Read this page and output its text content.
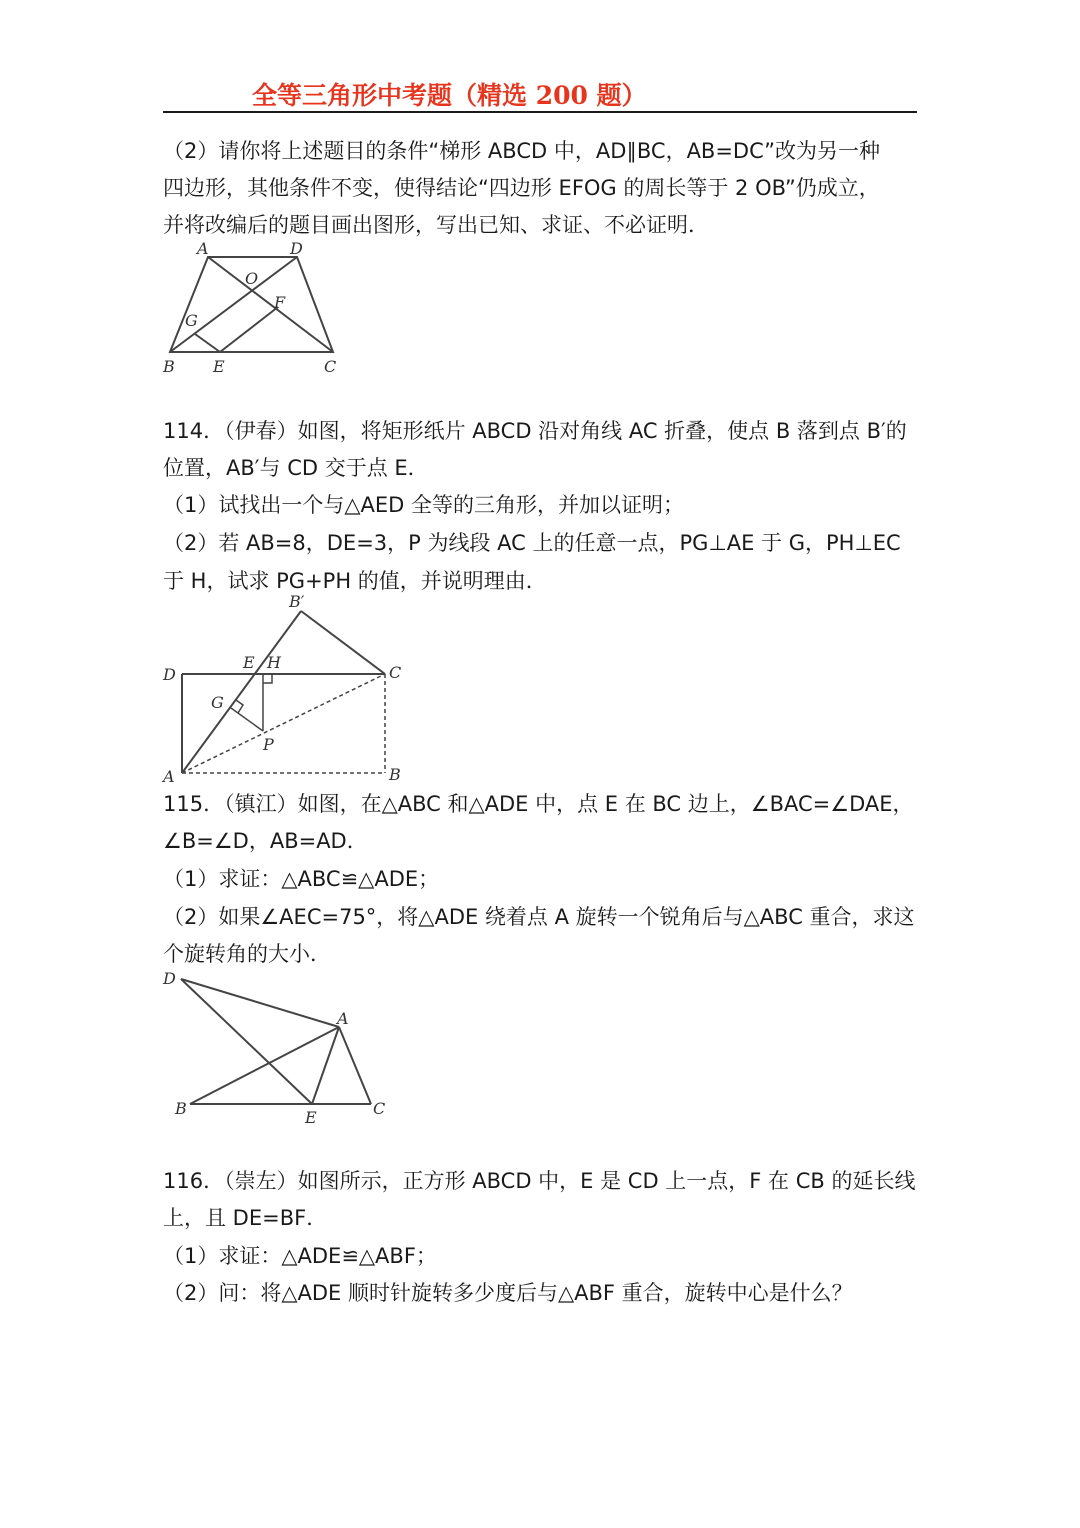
全等三角形中考题（精选 200 题）
（2）请你将上述题目的条件“梯形 ABCD 中，AD∥BC，AB=DC”改为另一种
四边形，其他条件不变，使得结论“四边形 EFOG 的周长等于 2 OB”仍成立，
并将改编后的题目画出图形，写出已知、求证、不必证明．
A	D
O
F
G
B E	C
114．（伊春）如图，将矩形纸片 ABCD 沿对角线 AC 折叠，使点 B 落到点 B′的
位置，AB′与 CD 交于点 E．
（1）试找出一个与△AED 全等的三角形，并加以证明；
（2）若 AB=8，DE=3，P 为线段 AC 上的任意一点，PG⊥AE 于 G，PH⊥EC
于 H，试求 PG+PH 的值，并说明理由．
B′
D
E H
C
G
P
A	B
115．（镇江）如图，在△ABC 和△ADE 中，点 E 在 BC 边上，∠BAC=∠DAE，
∠B=∠D，AB=AD．
（1）求证：△ABC≌△ADE；
（2）如果∠AEC=75°，将△ADE 绕着点 A 旋转一个锐角后与△ABC 重合，求这
个旋转角的大小．
D
A
B	E	C
116．（崇左）如图所示，正方形 ABCD 中，E 是 CD 上一点，F 在 CB 的延长线
上，且 DE=BF．
（1）求证：△ADE≌△ABF；
（2）问：将△ADE 顺时针旋转多少度后与△ABF 重合，旋转中心是什么？
